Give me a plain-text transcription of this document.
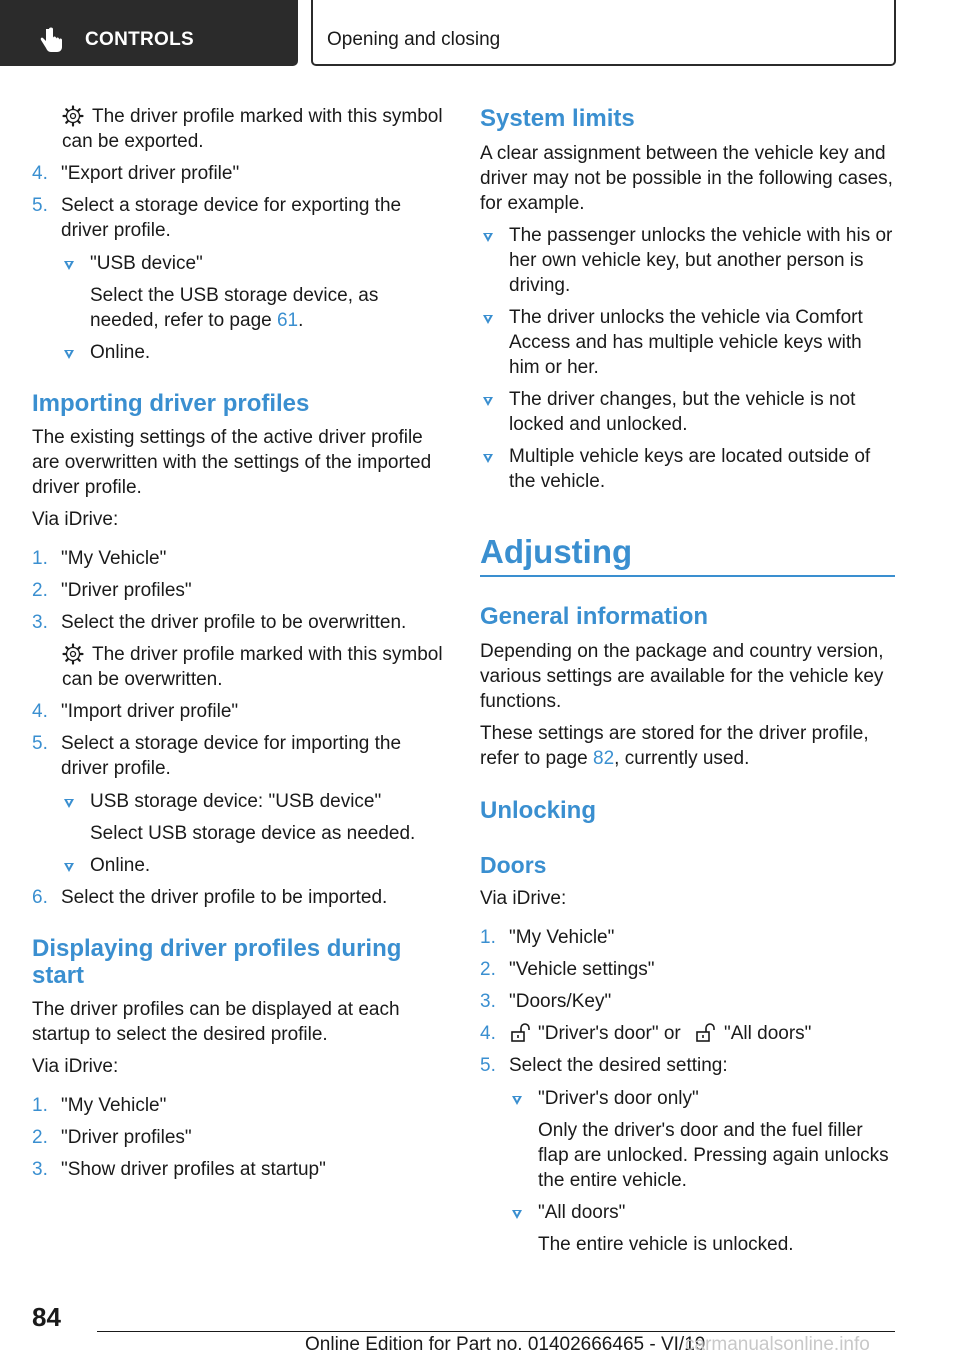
CONTROLS	Opening and closing
The driver profile marked with this symbol
can be exported.
4. "Export driver profile"
5. Select a storage device for exporting the
driver profile.
"USB device"
Select the USB storage device, as
needed, refer to page 61.
Online.
Importing driver profiles
The existing settings of the active driver profile
are overwritten with the settings of the imported
driver profile.
Via iDrive:
1. "My Vehicle"
2. "Driver profiles"
3. Select the driver profile to be overwritten.
The driver profile marked with this symbol
can be overwritten.
4. "Import driver profile"
5. Select a storage device for importing the
driver profile.
USB storage device: "USB device"
Select USB storage device as needed.
Online.
6. Select the driver profile to be imported.
Displaying driver profiles during
start
The driver profiles can be displayed at each
startup to select the desired profile.
Via iDrive:
1. "My Vehicle"
2. "Driver profiles"
3. "Show driver profiles at startup"
System limits
A clear assignment between the vehicle key and
driver may not be possible in the following cases,
for example.
The passenger unlocks the vehicle with his or
her own vehicle key, but another person is
driving.
The driver unlocks the vehicle via Comfort
Access and has multiple vehicle keys with
him or her.
The driver changes, but the vehicle is not
locked and unlocked.
Multiple vehicle keys are located outside of
the vehicle.
Adjusting
General information
Depending on the package and country version,
various settings are available for the vehicle key
functions.
These settings are stored for the driver profile,
refer to page 82, currently used.
Unlocking
Doors
Via iDrive:
1. "My Vehicle"
2. "Vehicle settings"
3. "Doors/Key"
4. "Driver's door" or "All doors"
5. Select the desired setting:
"Driver's door only"
Only the driver's door and the fuel filler
flap are unlocked. Pressing again unlocks
the entire vehicle.
"All doors"
The entire vehicle is unlocked.
84
Online Edition for Part no. 01402666465 - VI/19
carmanualsonline.info
